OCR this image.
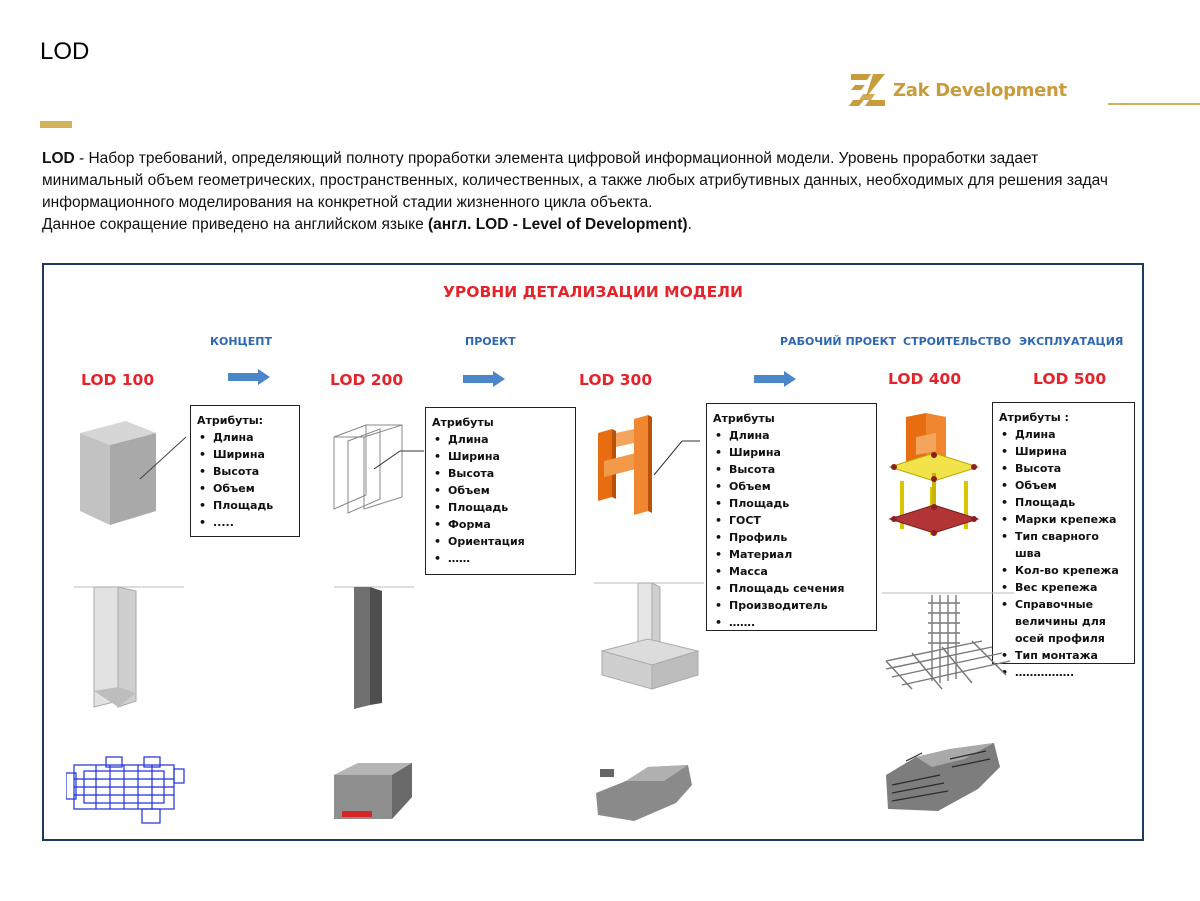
LOD
Zak Development
LOD - Набор требований, определяющий полноту проработки элемента цифровой информационной модели. Уровень проработки задает минимальный объем геометрических, пространственных, количественных, а также любых атрибутивных данных, необходимых для решения задач информационного моделирования на конкретной стадии жизненного цикла объекта.
Данное сокращение приведено на английском языке (англ. LOD - Level of Development).
УРОВНИ ДЕТАЛИЗАЦИИ МОДЕЛИ
КОНЦЕПТ	ПРОЕКТ	РАБОЧИЙ ПРОЕКТ СТРОИТЕЛЬСТВО ЭКСПЛУАТАЦИЯ
LOD 100	LOD 200	LOD 300	LOD 400	LOD 500
Атрибуты:
• Длина
• Ширина
• Высота
• Объем
• Площадь
• .....
Атрибуты
• Длина
• Ширина
• Высота
• Объем
• Площадь
• Форма
• Ориентация
• ……
Атрибуты
• Длина
• Ширина
• Высота
• Объем
• Площадь
• ГОСТ
• Профиль
• Материал
• Масса
• Площадь сечения
• Производитель
• …….
Атрибуты :
• Длина
• Ширина
• Высота
• Объем
• Площадь
• Марки крепежа
• Тип сварного шва
• Кол-во крепежа
• Вес крепежа
• Справочные величины для осей профиля
• Тип монтажа
• …………….
